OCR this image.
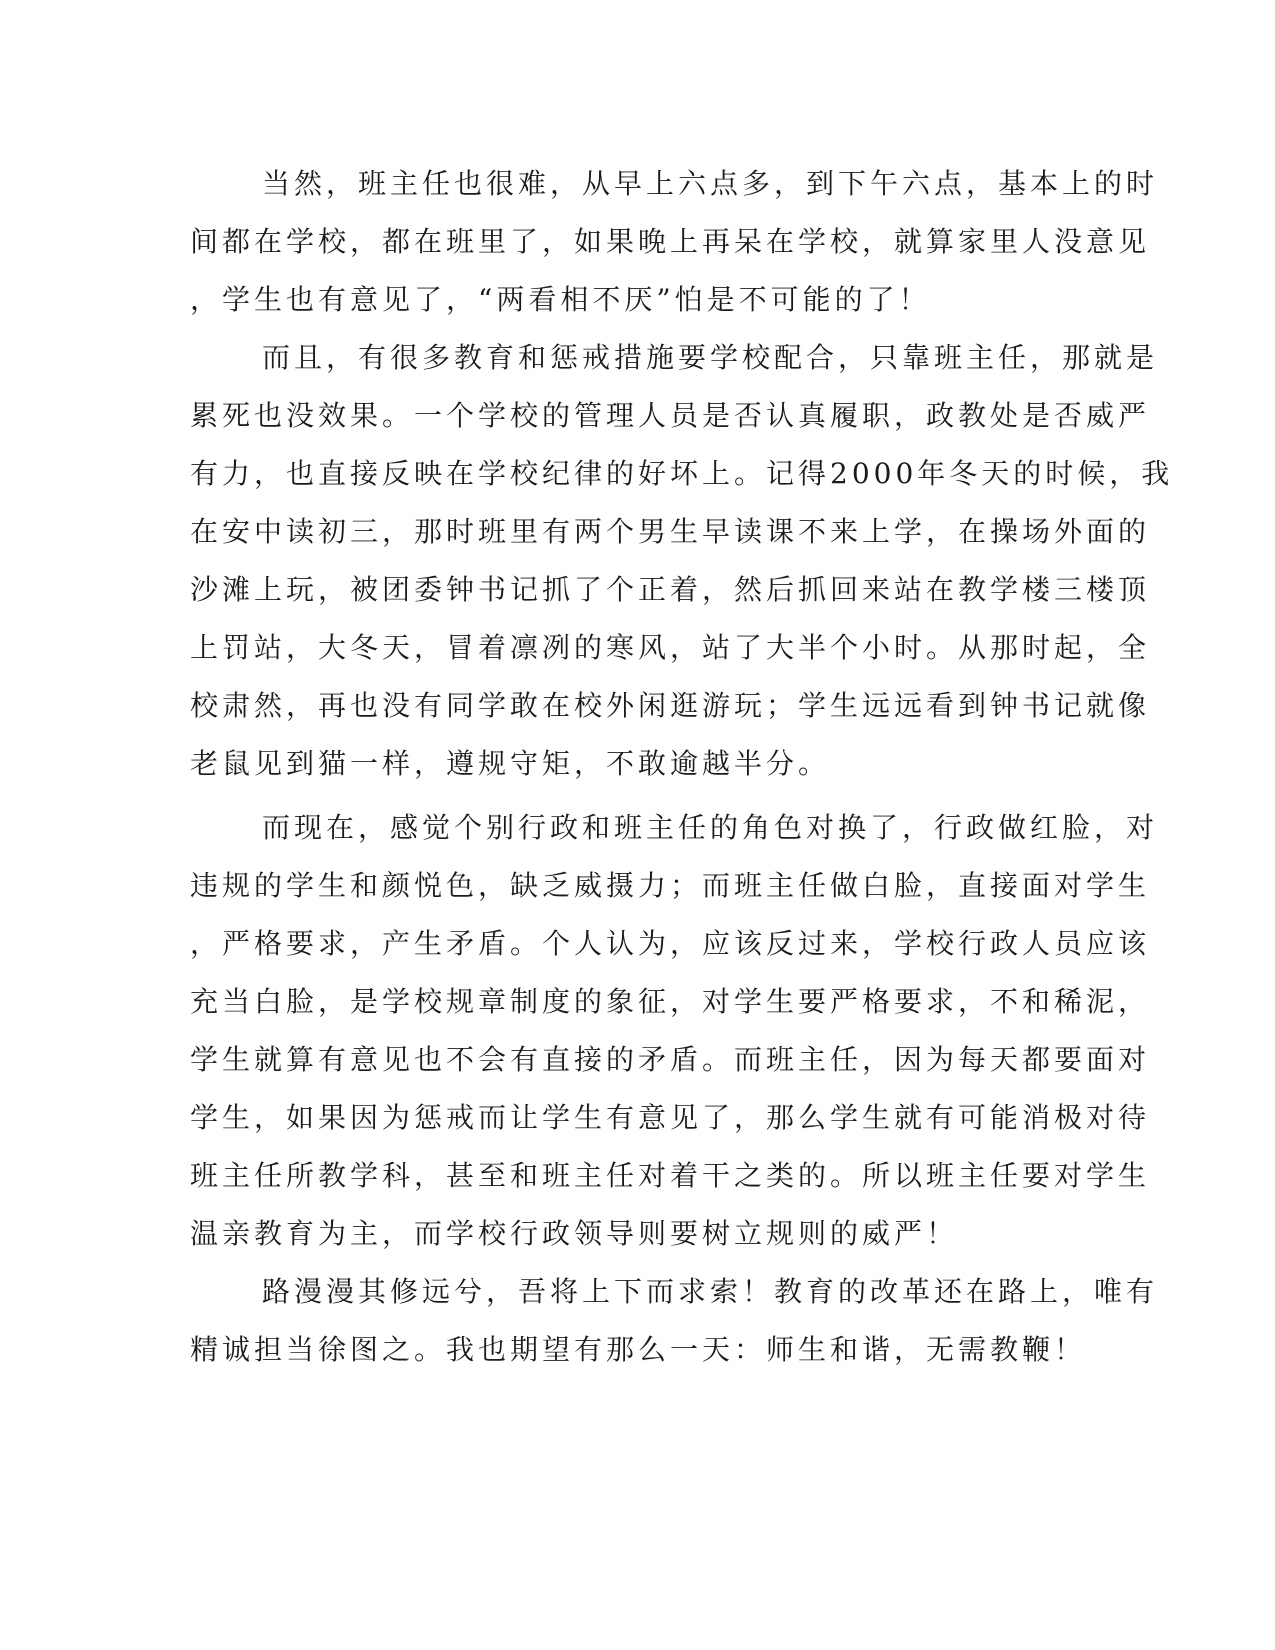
当然，班主任也很难，从早上六点多，到下午六点，基本上的时
间都在学校，都在班里了，如果晚上再呆在学校，就算家里人没意见
，学生也有意见了，“两看相不厌”怕是不可能的了！
而且，有很多教育和惩戒措施要学校配合，只靠班主任，那就是
累死也没效果。一个学校的管理人员是否认真履职，政教处是否威严
有力，也直接反映在学校纪律的好坏上。记得2000年冬天的时候，我
在安中读初三，那时班里有两个男生早读课不来上学，在操场外面的
沙滩上玩，被团委钟书记抓了个正着，然后抓回来站在教学楼三楼顶
上罚站，大冬天，冒着凛冽的寒风，站了大半个小时。从那时起，全
校肃然，再也没有同学敢在校外闲逛游玩；学生远远看到钟书记就像
老鼠见到猫一样，遵规守矩，不敢逾越半分。
而现在，感觉个别行政和班主任的角色对换了，行政做红脸，对
违规的学生和颜悦色，缺乏威摄力；而班主任做白脸，直接面对学生
，严格要求，产生矛盾。个人认为，应该反过来，学校行政人员应该
充当白脸，是学校规章制度的象征，对学生要严格要求，不和稀泥，
学生就算有意见也不会有直接的矛盾。而班主任，因为每天都要面对
学生，如果因为惩戒而让学生有意见了，那么学生就有可能消极对待
班主任所教学科，甚至和班主任对着干之类的。所以班主任要对学生
温亲教育为主，而学校行政领导则要树立规则的威严！
路漫漫其修远兮，吾将上下而求索！教育的改革还在路上，唯有
精诚担当徐图之。我也期望有那么一天：师生和谐，无需教鞭！
